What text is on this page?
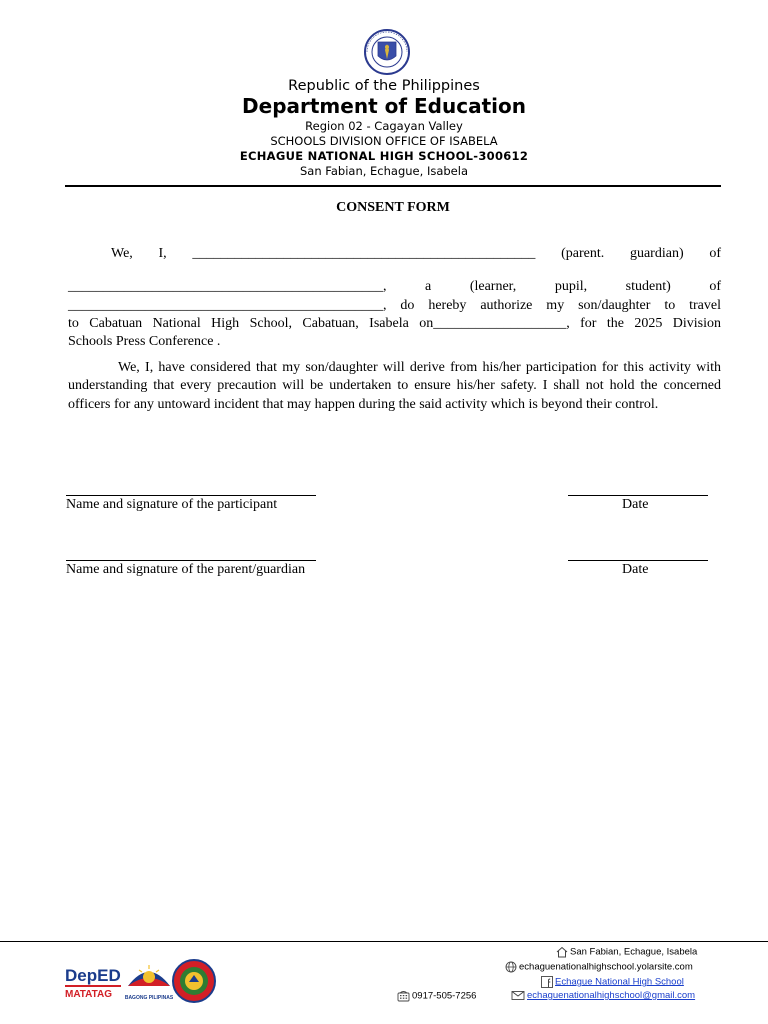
Republic of the Philippines
Department of Education
Region 02 - Cagayan Valley
SCHOOLS DIVISION OFFICE OF ISABELA
ECHAGUE NATIONAL HIGH SCHOOL-300612
San Fabian, Echague, Isabela
CONSENT FORM
We, I, _________________________________________________ (parent. guardian) of
_____________________________________________, a (learner, pupil, student) of
_____________________________________________, do hereby authorize my son/daughter to travel
to Cabatuan National High School, Cabatuan, Isabela on___________________, for the 2025 Division
Schools Press Conference .
We, I, have considered that my son/daughter will derive from his/her participation for this activity with understanding that every precaution will be undertaken to ensure his/her safety. I shall not hold the concerned officers for any untoward incident that may happen during the said activity which is beyond their control.
Name and signature of the participant	Date
Name and signature of the parent/guardian	Date
DepED
MATATAG	BAGONG PILIPINAS
San Fabian, Echague, Isabela
echaguenationalhighschool.yolarsite.com
Echague National High School
0917-505-7256	echaguenationalhighschool@gmail.com
